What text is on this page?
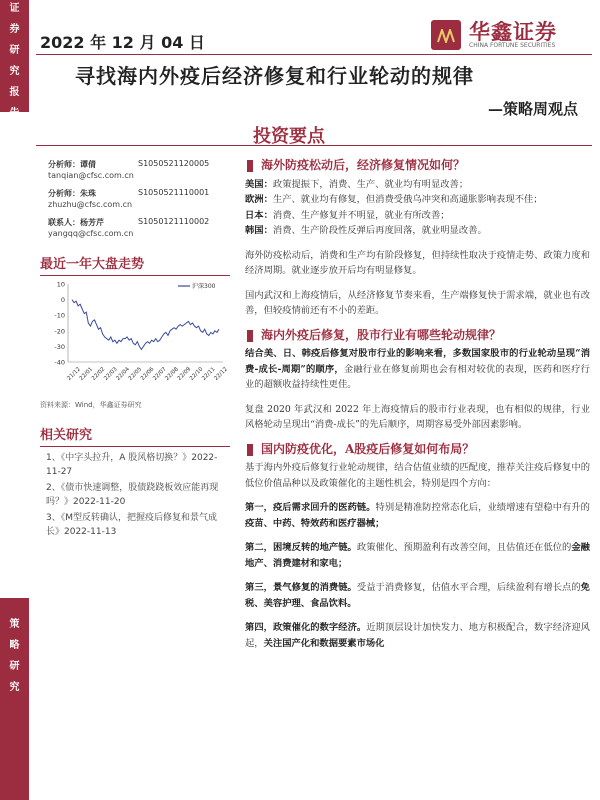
证
券
研
究
报
告
策
略
研
究
2022 年 12 月 04 日	华鑫证券
CHINA FORTUNE SECURITIES
寻找海内外疫后经济修复和行业轮动的规律
—策略周观点
投资要点
分析师：谭倩	S1050521120005
tanqian@cfsc.com.cn
分析师：朱珠	S1050521110001
zhuzhu@cfsc.com.cn
联系人：杨芳芹	S1050121110002
yangqq@cfsc.com.cn
最近一年大盘走势
10
0
-10
-20
-30
-40
21/12
22/01
22/02
22/03
22/04
22/05
22/06
22/07
22/08
22/09
22/10
22/11
22/12
沪深300
资料来源：Wind，华鑫证券研究
相关研究
1、《中字头拉升，A 股风格切换？》2022-11-27
2、《债市快速调整，股债跷跷板效应能再现吗？》2022-11-20
3、《M型反转确认，把握疫后修复和景气成长》2022-11-13
海外防疫松动后，经济修复情况如何？
美国：政策提振下，消费、生产、就业均有明显改善；
欧洲：生产、就业均有修复，但消费受俄乌冲突和高通胀影响表现不佳；
日本：消费、生产修复并不明显，就业有所改善；
韩国：消费、生产阶段性反弹后再度回落，就业明显改善。
海外防疫松动后，消费和生产均有阶段修复，但持续性取决于疫情走势、政策力度和经济周期。就业逐步放开后均有明显修复。
国内武汉和上海疫情后，从经济修复节奏来看，生产端修复快于需求端，就业也有改善，但较疫情前还有不小的差距。
海内外疫后修复，股市行业有哪些轮动规律？
结合美、日、韩疫后修复对股市行业的影响来看，多数国家股市的行业轮动呈现“消费-成长-周期”的顺序，金融行业在修复前期也会有相对较优的表现，医药和医疗行业的超额收益持续性更佳。
复盘 2020 年武汉和 2022 年上海疫情后的股市行业表现，也有相似的规律，行业风格轮动呈现出“消费-成长”的先后顺序，周期容易受外部因素影响。
国内防疫优化，A股疫后修复如何布局？
基于海内外疫后修复行业轮动规律，结合估值业绩的匹配度，推荐关注疫后修复中的低位价值品种以及政策催化的主题性机会，特别是四个方向：
第一，疫后需求回升的医药链。特别是精准防控常态化后，业绩增速有望稳中有升的疫苗、中药、特效药和医疗器械；
第二，困境反转的地产链。政策催化、预期盈利有改善空间，且估值还在低位的金融地产、消费建材和家电；
第三，景气修复的消费链。受益于消费修复，估值水平合理，后续盈利有增长点的免税、美容护理、食品饮料。
第四，政策催化的数字经济。近期顶层设计加快发力、地方积极配合，数字经济迎风起，关注国产化和数据要素市场化
